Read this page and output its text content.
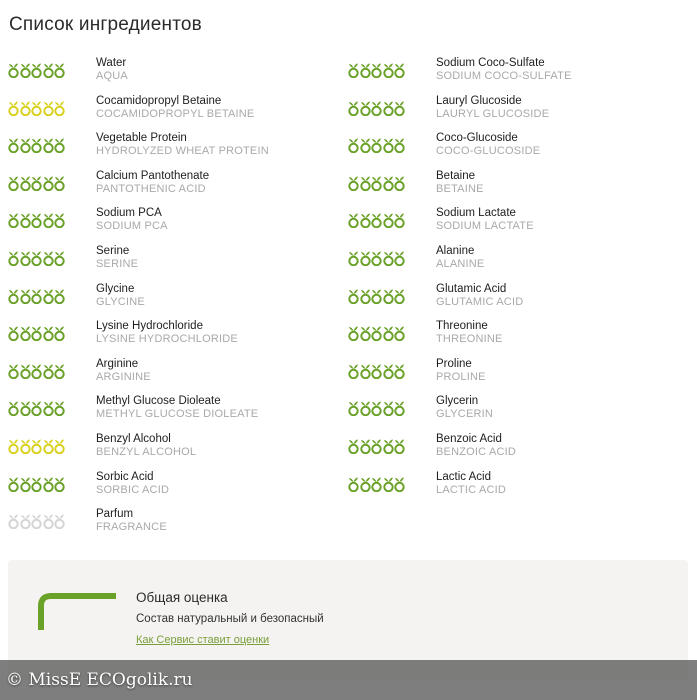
Список ингредиентов
Water
AQUA
Cocamidopropyl Betaine
COCAMIDOPROPYL BETAINE
Vegetable Protein
HYDROLYZED WHEAT PROTEIN
Calcium Pantothenate
PANTOTHENIC ACID
Sodium PCA
SODIUM PCA
Serine
SERINE
Glycine
GLYCINE
Lysine Hydrochloride
LYSINE HYDROCHLORIDE
Arginine
ARGININE
Methyl Glucose Dioleate
METHYL GLUCOSE DIOLEATE
Benzyl Alcohol
BENZYL ALCOHOL
Sorbic Acid
SORBIC ACID
Parfum
FRAGRANCE
Sodium Coco-Sulfate
SODIUM COCO-SULFATE
Lauryl Glucoside
LAURYL GLUCOSIDE
Coco-Glucoside
COCO-GLUCOSIDE
Betaine
BETAINE
Sodium Lactate
SODIUM LACTATE
Alanine
ALANINE
Glutamic Acid
GLUTAMIC ACID
Threonine
THREONINE
Proline
PROLINE
Glycerin
GLYCERIN
Benzoic Acid
BENZOIC ACID
Lactic Acid
LACTIC ACID
Общая оценка
Состав натуральный и безопасный
Как Сервис ставит оценки
© MissE ECOgolik.ru
